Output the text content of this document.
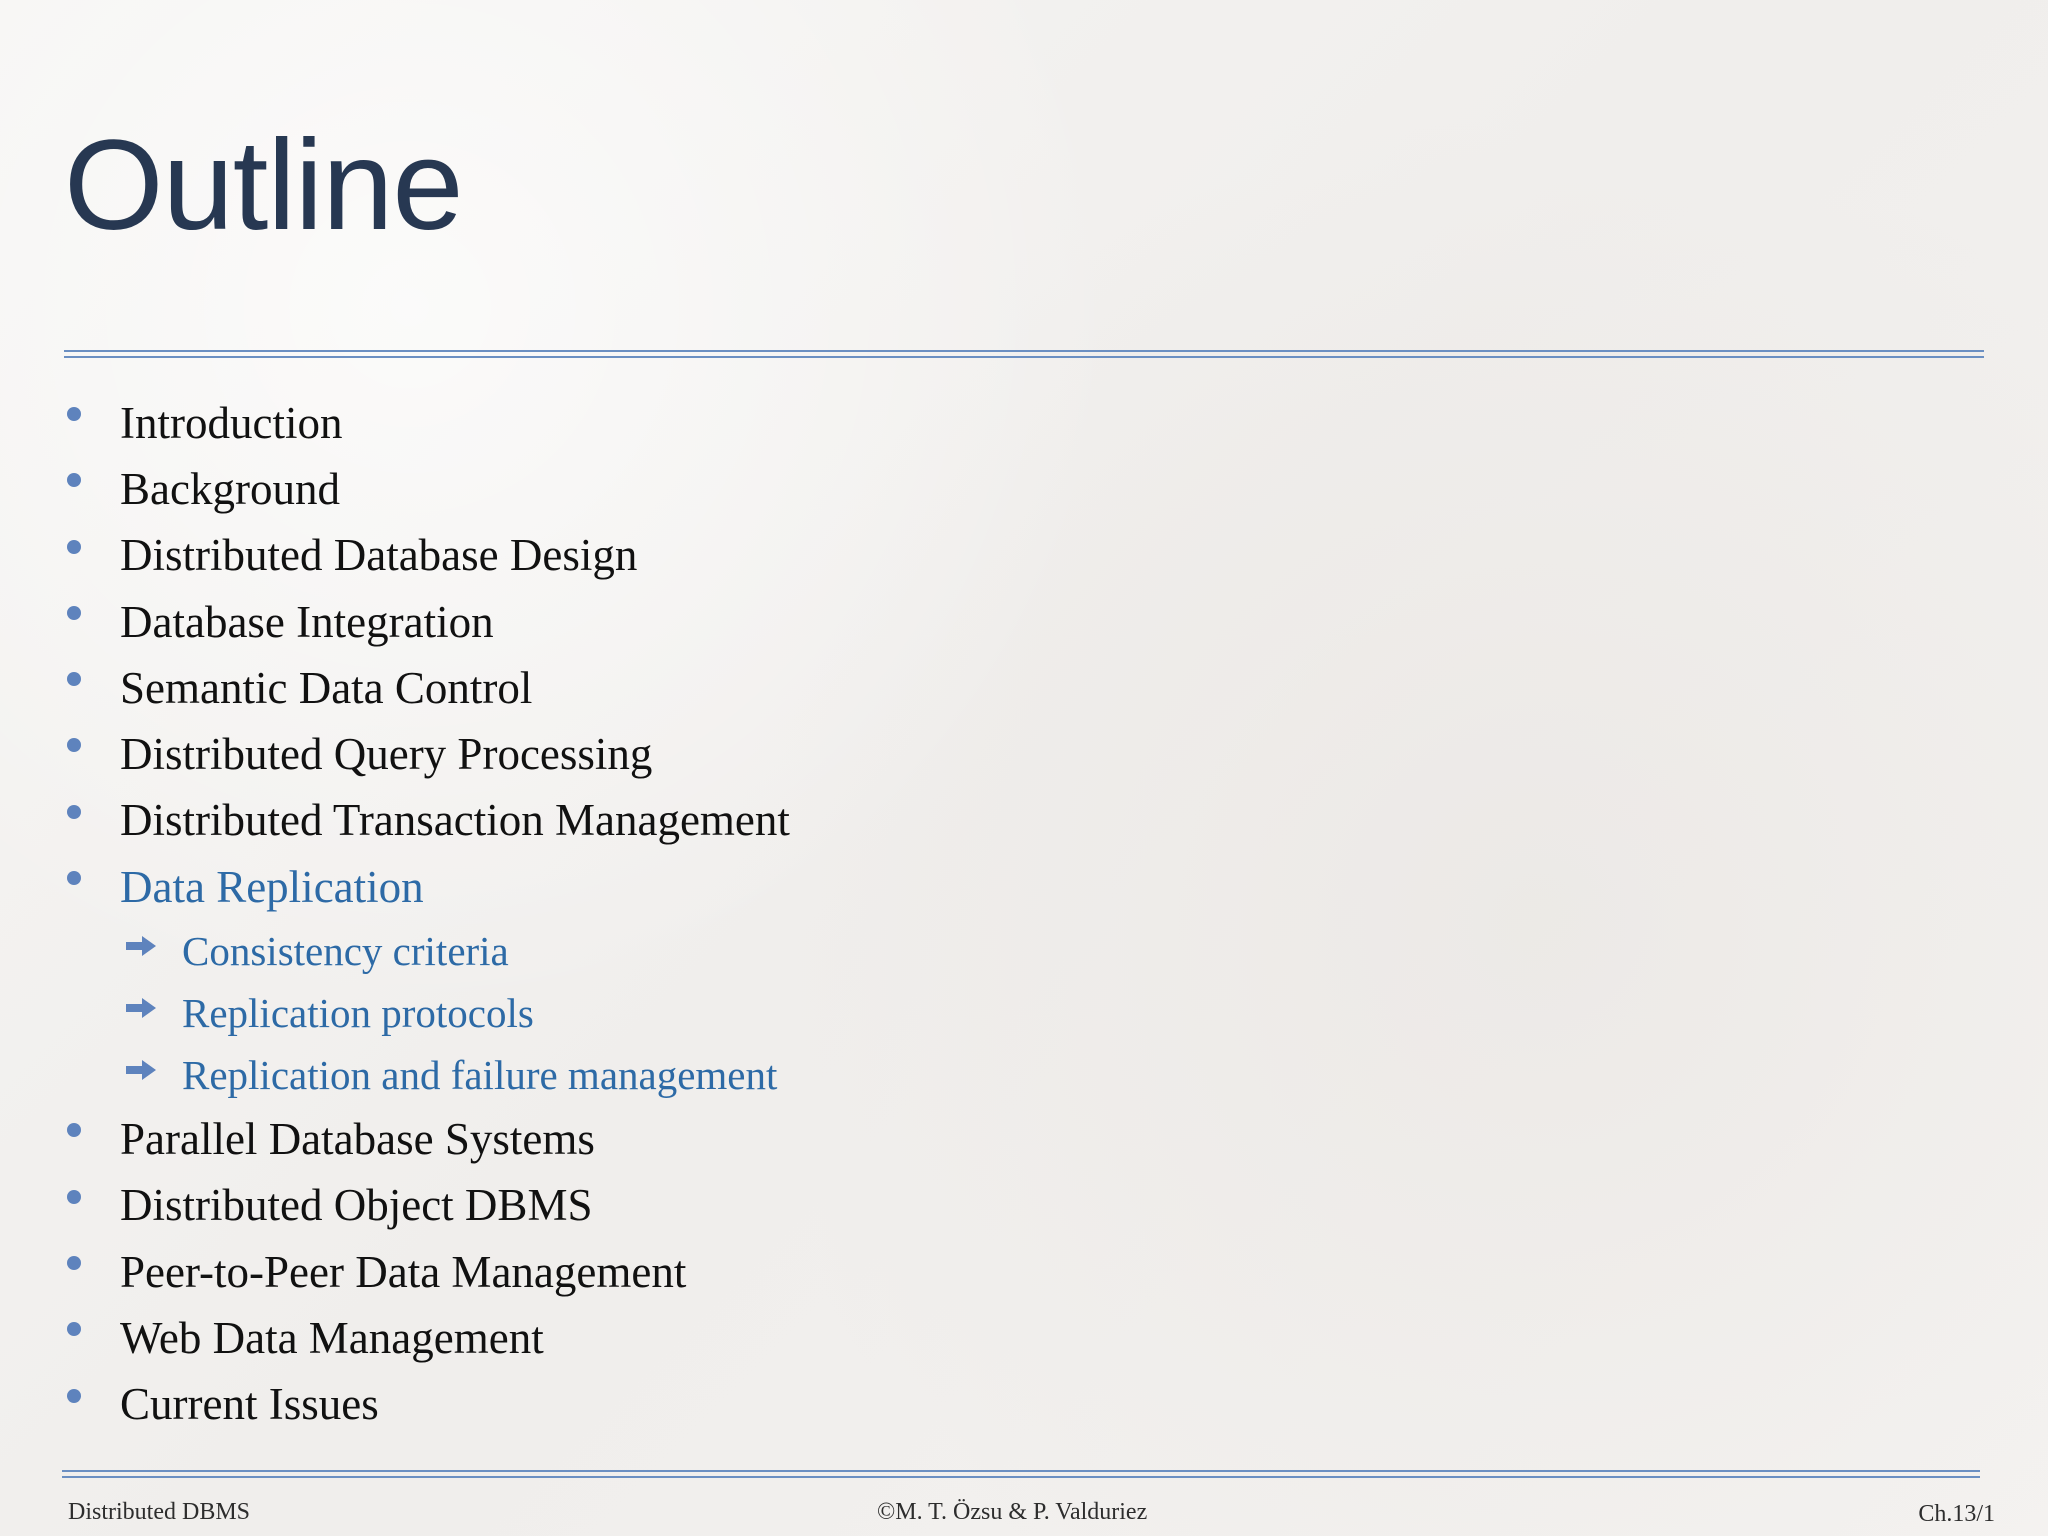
Outline
Introduction
Background
Distributed Database Design
Database Integration
Semantic Data Control
Distributed Query Processing
Distributed Transaction Management
Data Replication
Consistency criteria
Replication protocols
Replication and failure management
Parallel Database Systems
Distributed Object DBMS
Peer-to-Peer Data Management
Web Data Management
Current Issues
Distributed DBMS	©M. T. Özsu & P. Valduriez	Ch.13/1
